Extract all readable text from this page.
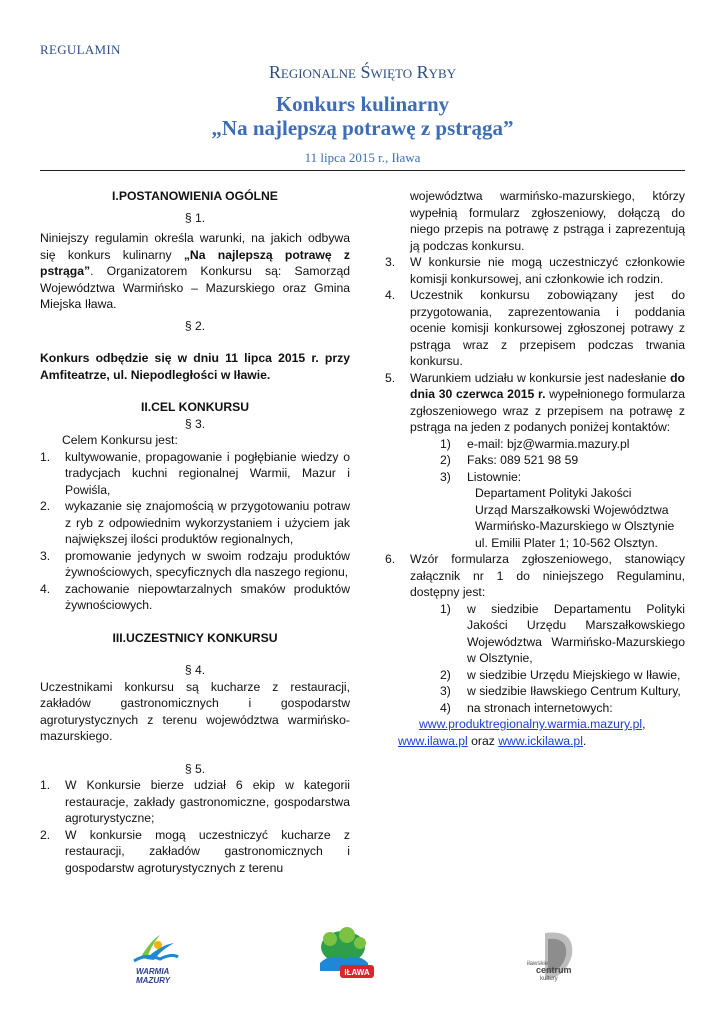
REGULAMIN
Regionalne Święto Ryby
Konkurs kulinarny
„Na najlepszą potrawę z pstrąga”
11 lipca 2015 r., Iława
I.POSTANOWIENIA OGÓLNE
§ 1.
Niniejszy regulamin określa warunki, na jakich odbywa się konkurs kulinarny „Na najlepszą potrawę z pstrąga”. Organizatorem Konkursu są: Samorząd Województwa Warmińsko – Mazurskiego oraz Gmina Miejska Iława.
§ 2.
Konkurs odbędzie się w dniu 11 lipca 2015 r. przy Amfiteatrze, ul. Niepodległości w Iławie.
II.CEL KONKURSU
§ 3.
Celem Konkursu jest:
1.	kultywowanie, propagowanie i pogłębianie wiedzy o tradycjach kuchni regionalnej Warmii, Mazur i Powiśla,
2.	wykazanie się znajomością w przygotowaniu potraw z ryb z odpowiednim wykorzystaniem i użyciem jak największej ilości produktów regionalnych,
3.	promowanie jedynych w swoim rodzaju produktów żywnościowych, specyficznych dla naszego regionu,
4.	zachowanie niepowtarzalnych smaków produktów żywnościowych.
III.UCZESTNICY KONKURSU
§ 4.
Uczestnikami konkursu są kucharze z restauracji, zakładów gastronomicznych i gospodarstw agroturystycznych z terenu województwa warmińsko-mazurskiego.
§ 5.
1.	W Konkursie bierze udział 6 ekip w kategorii restauracje, zakłady gastronomiczne, gospodarstwa agroturystyczne;
2.	W konkursie mogą uczestniczyć kucharze z restauracji, zakładów gastronomicznych i gospodarstw agroturystycznych z terenu
województwa warmińsko-mazurskiego, którzy wypełnią formularz zgłoszeniowy, dołączą do niego przepis na potrawę z pstrąga i zaprezentują ją podczas konkursu.
3.	W konkursie nie mogą uczestniczyć członkowie komisji konkursowej, ani członkowie ich rodzin.
4.	Uczestnik konkursu zobowiązany jest do przygotowania, zaprezentowania i poddania ocenie komisji konkursowej zgłoszonej potrawy z pstrąga wraz z przepisem podczas trwania konkursu.
5.	Warunkiem udziału w konkursie jest nadesłanie do dnia 30 czerwca 2015 r. wypełnionego formularza zgłoszeniowego wraz z przepisem na potrawę z pstrąga na jeden z podanych poniżej kontaktów:
1) e-mail: bjz@warmia.mazury.pl
2) Faks: 089 521 98 59
3) Listownie:
Departament Polityki Jakości
Urząd Marszałkowski Województwa
Warmińsko-Mazurskiego w Olsztynie
ul. Emilii Plater 1; 10-562 Olsztyn.
6.	Wzór formularza zgłoszeniowego, stanowiący załącznik nr 1 do niniejszego Regulaminu, dostępny jest:
1) w siedzibie Departamentu Polityki Jakości Urzędu Marszałkowskiego Województwa Warmińsko-Mazurskiego w Olsztynie,
2) w siedzibie Urzędu Miejskiego w Iławie,
3) w siedzibie Iławskiego Centrum Kultury,
4) na stronach internetowych:
www.produktregionalny.warmia.mazury.pl,
www.ilawa.pl oraz www.ickilawa.pl.
WARMIA
MAZURY
IŁAWA
iławskie
centrum
kultury
